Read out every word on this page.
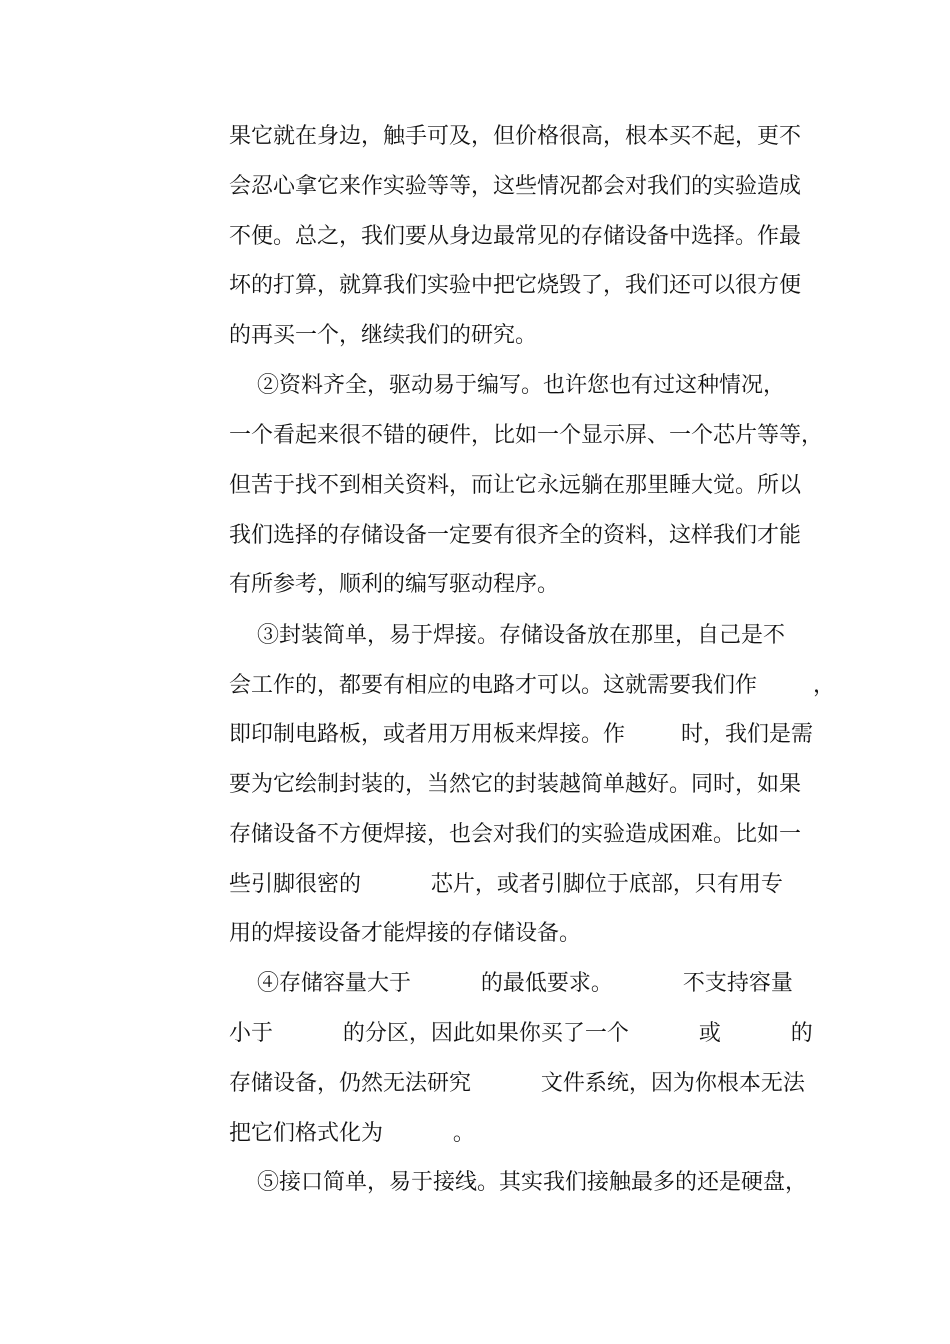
果它就在身边，触手可及，但价格很高，根本买不起，更不
会忍心拿它来作实验等等，这些情况都会对我们的实验造成
不便。总之，我们要从身边最常见的存储设备中选择。作最
坏的打算，就算我们实验中把它烧毁了，我们还可以很方便
的再买一个，继续我们的研究。
②资料齐全，驱动易于编写。也许您也有过这种情况，
一个看起来很不错的硬件，比如一个显示屏、一个芯片等等，
但苦于找不到相关资料，而让它永远躺在那里睡大觉。所以
我们选择的存储设备一定要有很齐全的资料，这样我们才能
有所参考，顺利的编写驱动程序。
③封装简单，易于焊接。存储设备放在那里，自己是不
会工作的，都要有相应的电路才可以。这就需要我们作        ，
即印制电路板，或者用万用板来焊接。作        时，我们是需
要为它绘制封装的，当然它的封装越简单越好。同时，如果
存储设备不方便焊接，也会对我们的实验造成困难。比如一
些引脚很密的          芯片，或者引脚位于底部，只有用专
用的焊接设备才能焊接的存储设备。
④存储容量大于          的最低要求。          不支持容量
小于          的分区，因此如果你买了一个          或          的
存储设备，仍然无法研究          文件系统，因为你根本无法
把它们格式化为          。
⑤接口简单，易于接线。其实我们接触最多的还是硬盘，
